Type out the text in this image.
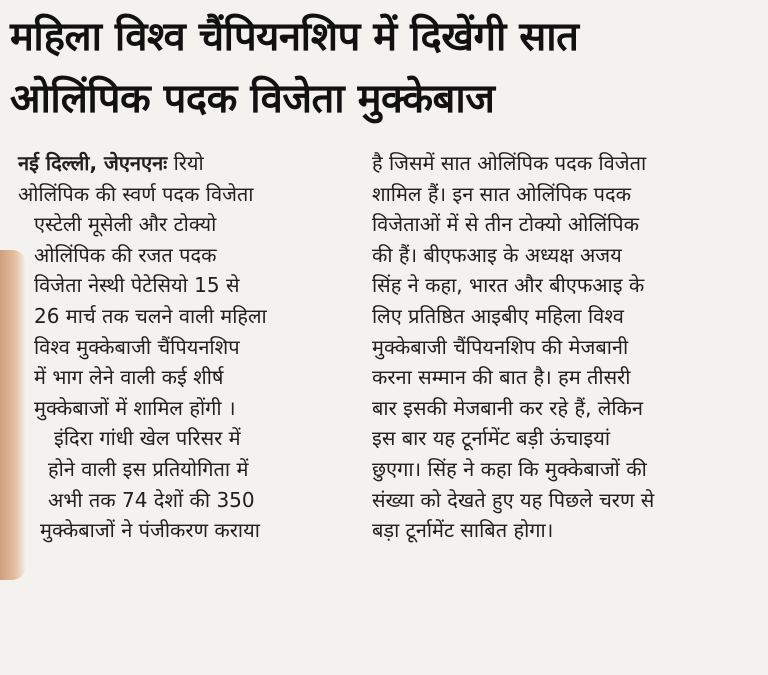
महिला विश्व चैंपियनशिप में दिखेंगी सात
ओलिंपिक पदक विजेता मुक्केबाज
नई दिल्ली, जेएनएनः रियो
ओलिंपिक की स्वर्ण पदक विजेता
एस्टेली मूसेली और टोक्यो
ओलिंपिक की रजत पदक
विजेता नेस्थी पेटेसियो 15 से
26 मार्च तक चलने वाली महिला
विश्व मुक्केबाजी चैंपियनशिप
में भाग लेने वाली कई शीर्ष
मुक्केबाजों में शामिल होंगी ।
इंदिरा गांधी खेल परिसर में
होने वाली इस प्रतियोगिता में
अभी तक 74 देशों की 350
मुक्केबाजों ने पंजीकरण कराया
है जिसमें सात ओलिंपिक पदक विजेता
शामिल हैं। इन सात ओलिंपिक पदक
विजेताओं में से तीन टोक्यो ओलिंपिक
की हैं। बीएफआइ के अध्यक्ष अजय
सिंह ने कहा, भारत और बीएफआइ के
लिए प्रतिष्ठित आइबीए महिला विश्व
मुक्केबाजी चैंपियनशिप की मेजबानी
करना सम्मान की बात है। हम तीसरी
बार इसकी मेजबानी कर रहे हैं, लेकिन
इस बार यह टूर्नामेंट बड़ी ऊंचाइयां
छुएगा। सिंह ने कहा कि मुक्केबाजों की
संख्या को देखते हुए यह पिछले चरण से
बड़ा टूर्नामेंट साबित होगा।
